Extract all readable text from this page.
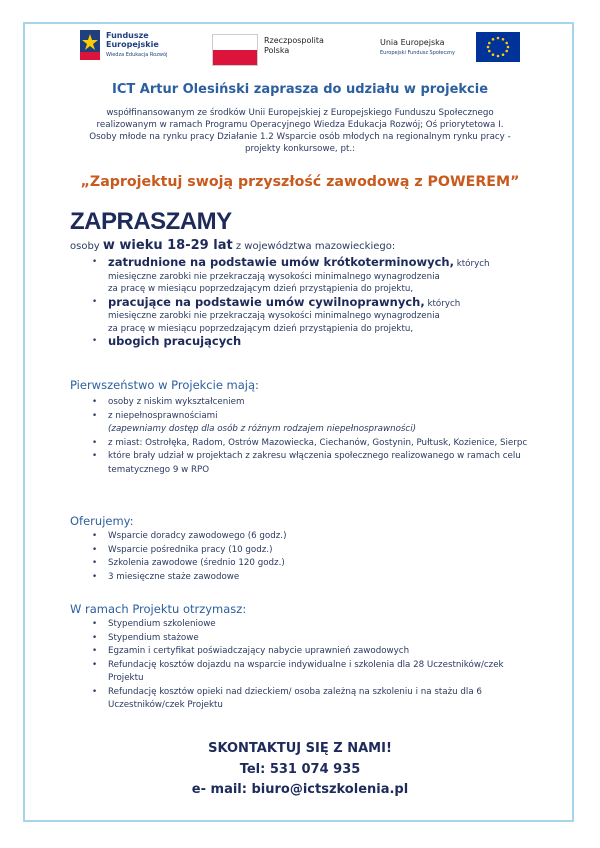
Fundusze Europejskie
Wiedza Edukacja Rozwój
Rzeczpospolita Polska
Unia Europejska
Europejski Fundusz Społeczny
ICT Artur Olesiński zaprasza do udziału w projekcie
współfinansowanym ze środków Unii Europejskiej z Europejskiego Funduszu Społecznego
realizowanym w ramach Programu Operacyjnego Wiedza Edukacja Rozwój; Oś priorytetowa I.
Osoby młode na rynku pracy Działanie 1.2 Wsparcie osób młodych na regionalnym rynku pracy -
projekty konkursowe, pt.:
„Zaprojektuj swoją przyszłość zawodową z POWEREM”
ZAPRASZAMY
osoby w wieku 18-29 lat z województwa mazowieckiego:
• zatrudnione na podstawie umów krótkoterminowych, których
miesięczne zarobki nie przekraczają wysokości minimalnego wynagrodzenia
za pracę w miesiącu poprzedzającym dzień przystąpienia do projektu,
• pracujące na podstawie umów cywilnoprawnych, których
miesięczne zarobki nie przekraczają wysokości minimalnego wynagrodzenia
za pracę w miesiącu poprzedzającym dzień przystąpienia do projektu,
• ubogich pracujących
Pierwszeństwo w Projekcie mają:
• osoby z niskim wykształceniem
• z niepełnosprawnościami
(zapewniamy dostęp dla osób z różnym rodzajem niepełnosprawności)
• z miast: Ostrołęka, Radom, Ostrów Mazowiecka, Ciechanów, Gostynin, Pułtusk, Kozienice, Sierpc
• które brały udział w projektach z zakresu włączenia społecznego realizowanego w ramach celu tematycznego 9 w RPO
Oferujemy:
• Wsparcie doradcy zawodowego (6 godz.)
• Wsparcie pośrednika pracy (10 godz.)
• Szkolenia zawodowe (średnio 120 godz.)
• 3 miesięczne staże zawodowe
W ramach Projektu otrzymasz:
• Stypendium szkoleniowe
• Stypendium stażowe
• Egzamin i certyfikat poświadczający nabycie uprawnień zawodowych
• Refundację kosztów dojazdu na wsparcie indywidualne i szkolenia dla 28 Uczestników/czek Projektu
• Refundację kosztów opieki nad dzieckiem/ osoba zależną na szkoleniu i na stażu dla 6 Uczestników/czek Projektu
SKONTAKTUJ SIĘ Z NAMI!
Tel: 531 074 935
e- mail: biuro@ictszkolenia.pl
